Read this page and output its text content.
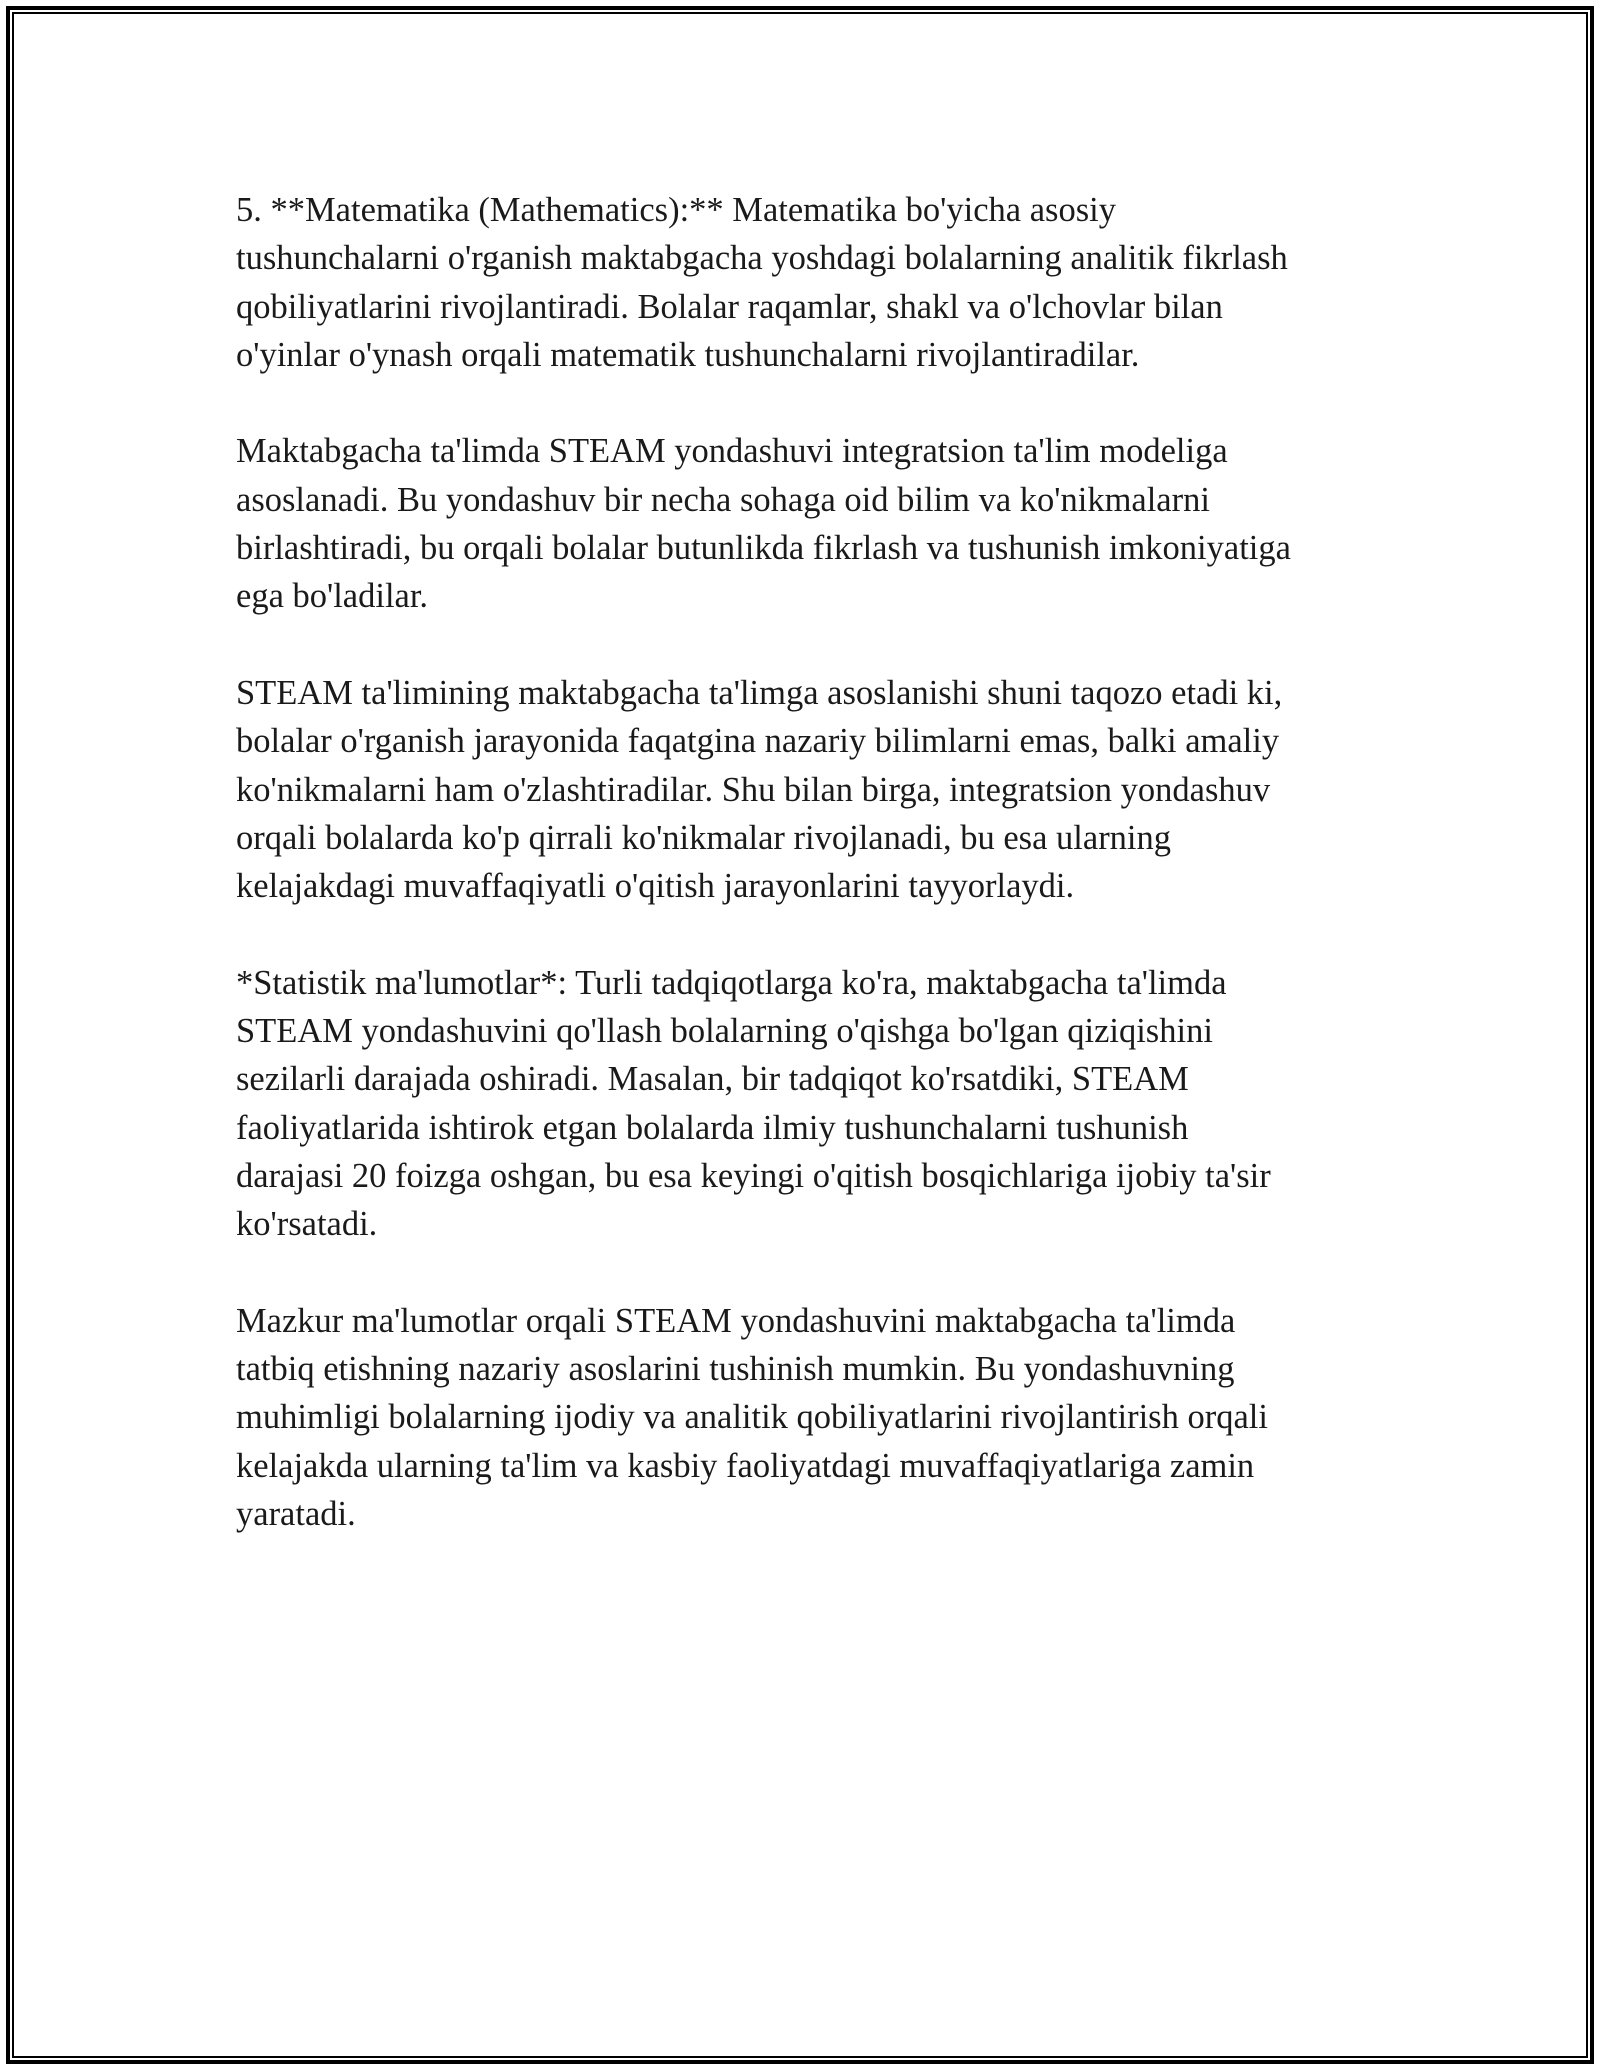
5. **Matematika (Mathematics):** Matematika bo'yicha asosiy
tushunchalarni o'rganish maktabgacha yoshdagi bolalarning analitik fikrlash
qobiliyatlarini rivojlantiradi. Bolalar raqamlar, shakl va o'lchovlar bilan
o'yinlar o'ynash orqali matematik tushunchalarni rivojlantiradilar.

Maktabgacha ta'limda STEAM yondashuvi integratsion ta'lim modeliga
asoslanadi. Bu yondashuv bir necha sohaga oid bilim va ko'nikmalarni
birlashtiradi, bu orqali bolalar butunlikda fikrlash va tushunish imkoniyatiga
ega bo'ladilar.

STEAM ta'limining maktabgacha ta'limga asoslanishi shuni taqozo etadi ki,
bolalar o'rganish jarayonida faqatgina nazariy bilimlarni emas, balki amaliy
ko'nikmalarni ham o'zlashtiradilar. Shu bilan birga, integratsion yondashuv
orqali bolalarda ko'p qirrali ko'nikmalar rivojlanadi, bu esa ularning
kelajakdagi muvaffaqiyatli o'qitish jarayonlarini tayyorlaydi.

*Statistik ma'lumotlar*: Turli tadqiqotlarga ko'ra, maktabgacha ta'limda
STEAM yondashuvini qo'llash bolalarning o'qishga bo'lgan qiziqishini
sezilarli darajada oshiradi. Masalan, bir tadqiqot ko'rsatdiki, STEAM
faoliyatlarida ishtirok etgan bolalarda ilmiy tushunchalarni tushunish
darajasi 20 foizga oshgan, bu esa keyingi o'qitish bosqichlariga ijobiy ta'sir
ko'rsatadi.

Mazkur ma'lumotlar orqali STEAM yondashuvini maktabgacha ta'limda
tatbiq etishning nazariy asoslarini tushinish mumkin. Bu yondashuvning
muhimligi bolalarning ijodiy va analitik qobiliyatlarini rivojlantirish orqali
kelajakda ularning ta'lim va kasbiy faoliyatdagi muvaffaqiyatlariga zamin
yaratadi.
